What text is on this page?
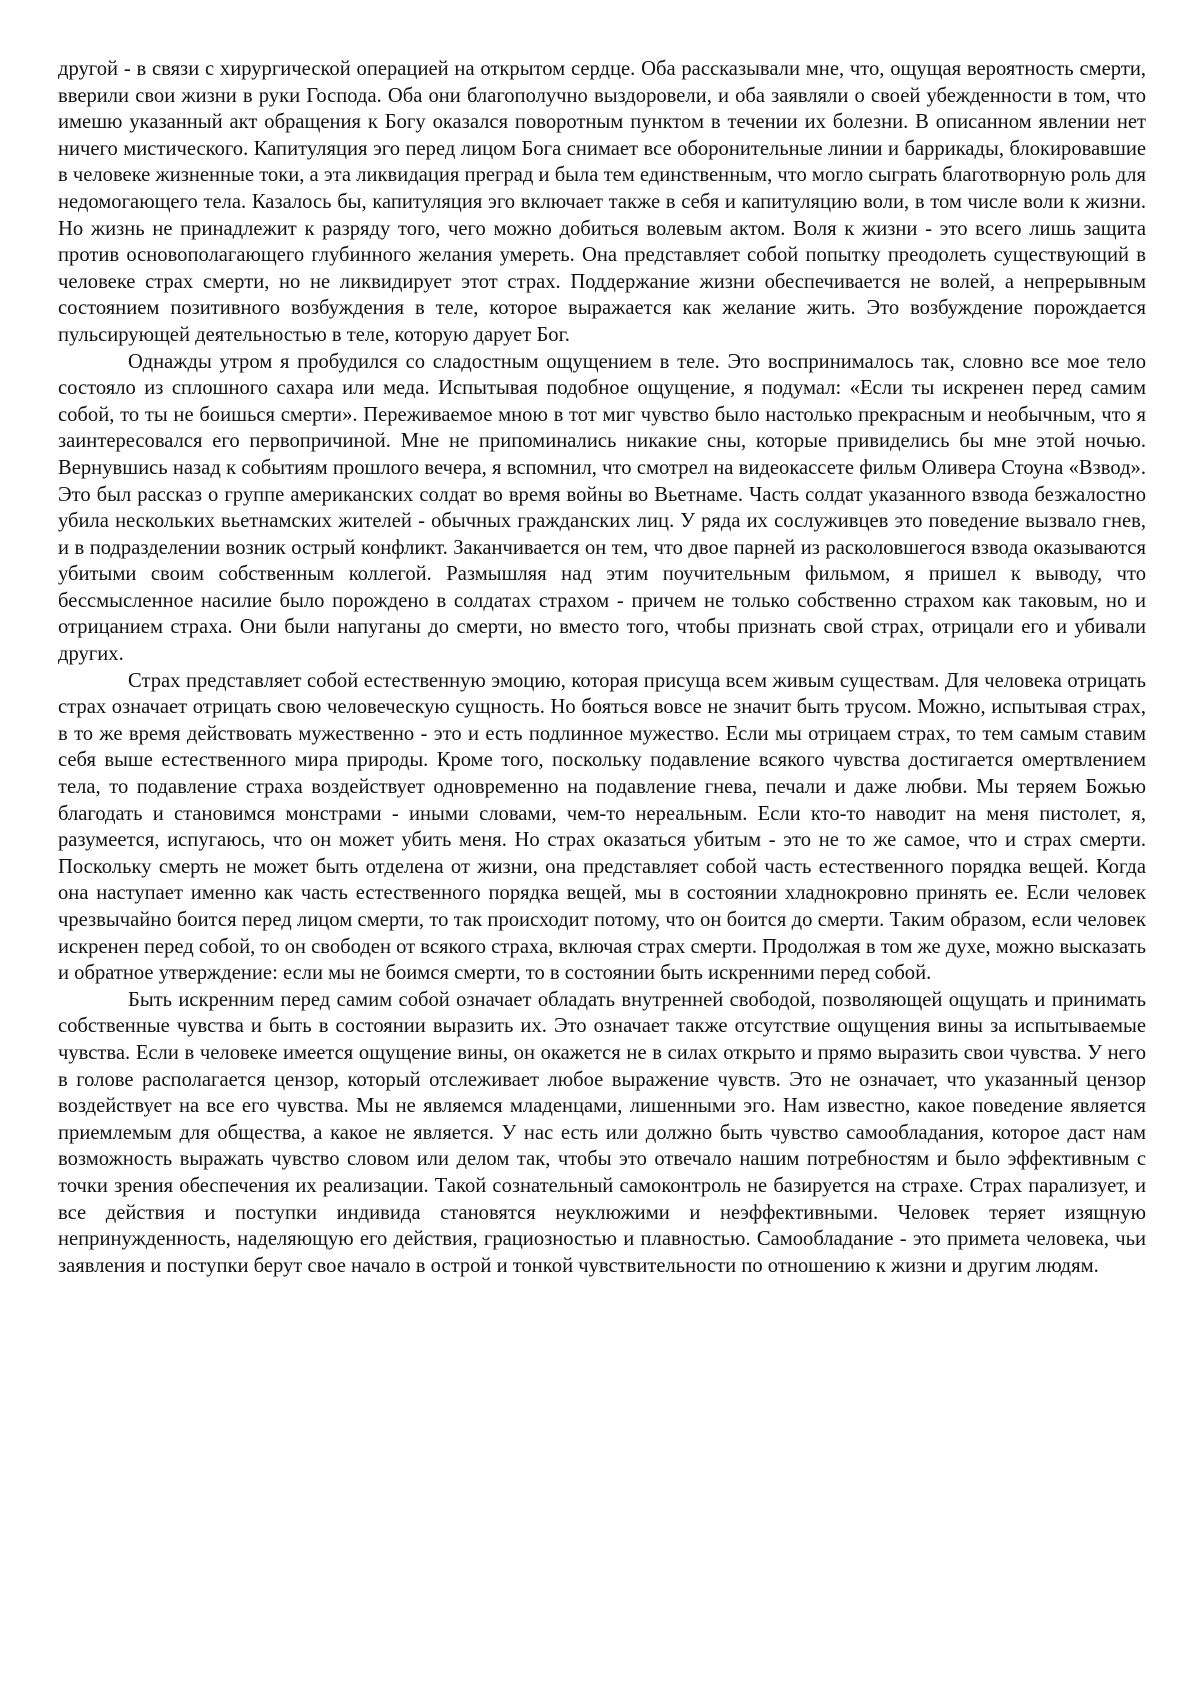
другой - в связи с хирургической операцией на открытом сердце. Оба рассказывали мне, что, ощущая вероятность смерти, вверили свои жизни в руки Господа. Оба они благополучно выздоровели, и оба заявляли о своей убежденности в том, что имешю указанный акт обращения к Богу оказался поворотным пунктом в течении их болезни. В описанном явлении нет ничего мистического. Капитуляция эго перед лицом Бога снимает все оборонительные линии и баррикады, блокировавшие в человеке жизненные токи, а эта ликвидация преград и была тем единственным, что могло сыграть благотворную роль для недомогающего тела. Казалось бы, капитуляция эго включает также в себя и капитуляцию воли, в том числе воли к жизни. Но жизнь не принадлежит к разряду того, чего можно добиться волевым актом. Воля к жизни - это всего лишь защита против основополагающего глубинного желания умереть. Она представляет собой попытку преодолеть существующий в человеке страх смерти, но не ликвидирует этот страх. Поддержание жизни обеспечивается не волей, а непрерывным состоянием позитивного возбуждения в теле, которое выражается как желание жить. Это возбуждение порождается пульсирующей деятельностью в теле, которую дарует Бог.

Однажды утром я пробудился со сладостным ощущением в теле. Это воспринималось так, словно все мое тело состояло из сплошного сахара или меда. Испытывая подобное ощущение, я подумал: «Если ты искренен перед самим собой, то ты не боишься смерти». Переживаемое мною в тот миг чувство было настолько прекрасным и необычным, что я заинтересовался его первопричиной. Мне не припоминались никакие сны, которые привиделись бы мне этой ночью. Вернувшись назад к событиям прошлого вечера, я вспомнил, что смотрел на видеокассете фильм Оливера Стоуна «Взвод». Это был рассказ о группе американских солдат во время войны во Вьетнаме. Часть солдат указанного взвода безжалостно убила нескольких вьетнамских жителей - обычных гражданских лиц. У ряда их сослуживцев это поведение вызвало гнев, и в подразделении возник острый конфликт. Заканчивается он тем, что двое парней из расколовшегося взвода оказываются убитыми своим собственным коллегой. Размышляя над этим поучительным фильмом, я пришел к выводу, что бессмысленное насилие было порождено в солдатах страхом - причем не только собственно страхом как таковым, но и отрицанием страха. Они были напуганы до смерти, но вместо того, чтобы признать свой страх, отрицали его и убивали других.

Страх представляет собой естественную эмоцию, которая присуща всем живым существам. Для человека отрицать страх означает отрицать свою человеческую сущность. Но бояться вовсе не значит быть трусом. Можно, испытывая страх, в то же время действовать мужественно - это и есть подлинное мужество. Если мы отрицаем страх, то тем самым ставим себя выше естественного мира природы. Кроме того, поскольку подавление всякого чувства достигается омертвлением тела, то подавление страха воздействует одновременно на подавление гнева, печали и даже любви. Мы теряем Божью благодать и становимся монстрами - иными словами, чем-то нереальным. Если кто-то наводит на меня пистолет, я, разумеется, испугаюсь, что он может убить меня. Но страх оказаться убитым - это не то же самое, что и страх смерти. Поскольку смерть не может быть отделена от жизни, она представляет собой часть естественного порядка вещей. Когда она наступает именно как часть естественного порядка вещей, мы в состоянии хладнокровно принять ее. Если человек чрезвычайно боится перед лицом смерти, то так происходит потому, что он боится до смерти. Таким образом, если человек искренен перед собой, то он свободен от всякого страха, включая страх смерти. Продолжая в том же духе, можно высказать и обратное утверждение: если мы не боимся смерти, то в состоянии быть искренними перед собой.

Быть искренним перед самим собой означает обладать внутренней свободой, позволяющей ощущать и принимать собственные чувства и быть в состоянии выразить их. Это означает также отсутствие ощущения вины за испытываемые чувства. Если в человеке имеется ощущение вины, он окажется не в силах открыто и прямо выразить свои чувства. У него в голове располагается цензор, который отслеживает любое выражение чувств. Это не означает, что указанный цензор воздействует на все его чувства. Мы не являемся младенцами, лишенными эго. Нам известно, какое поведение является приемлемым для общества, а какое не является. У нас есть или должно быть чувство самообладания, которое даст нам возможность выражать чувство словом или делом так, чтобы это отвечало нашим потребностям и было эффективным с точки зрения обеспечения их реализации. Такой сознательный самоконтроль не базируется на страхе. Страх парализует, и все действия и поступки индивида становятся неуклюжими и неэффективными. Человек теряет изящную непринужденность, наделяющую его действия, грациозностью и плавностью. Самообладание - это примета человека, чьи заявления и поступки берут свое начало в острой и тонкой чувствительности по отношению к жизни и другим людям.
